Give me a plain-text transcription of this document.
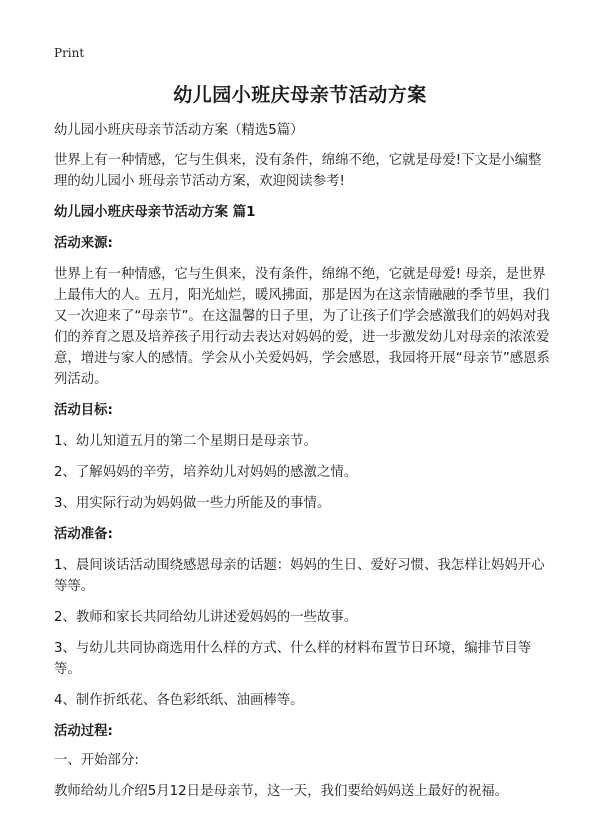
Print
幼儿园小班庆母亲节活动方案

幼儿园小班庆母亲节活动方案（精选5篇）

世界上有一种情感，它与生俱来，没有条件，绵绵不绝，它就是母爱!下文是小编整理的幼儿园小 班母亲节活动方案，欢迎阅读参考!

幼儿园小班庆母亲节活动方案 篇1

活动来源:

世界上有一种情感，它与生俱来，没有条件，绵绵不绝，它就是母爱! 母亲，是世界上最伟大的人。五月，阳光灿烂，暖风拂面，那是因为在这亲情融融的季节里，我们又一次迎来了“母亲节”。在这温馨的日子里，为了让孩子们学会感激我们的妈妈对我们的养育之恩及培养孩子用行动去表达对妈妈的爱，进一步激发幼儿对母亲的浓浓爱意，增进与家人的感情。学会从小关爱妈妈，学会感恩，我园将开展“母亲节”感恩系列活动。

活动目标:

1、幼儿知道五月的第二个星期日是母亲节。

2、了解妈妈的辛劳，培养幼儿对妈妈的感激之情。

3、用实际行动为妈妈做一些力所能及的事情。

活动准备:

1、晨间谈话活动围绕感恩母亲的话题：妈妈的生日、爱好习惯、我怎样让妈妈开心等等。

2、教师和家长共同给幼儿讲述爱妈妈的一些故事。

3、与幼儿共同协商选用什么样的方式、什么样的材料布置节日环境，编排节目等等。

4、制作折纸花、各色彩纸纸、油画棒等。

活动过程:

一、开始部分:

教师给幼儿介绍5月12日是母亲节，这一天，我们要给妈妈送上最好的祝福。
